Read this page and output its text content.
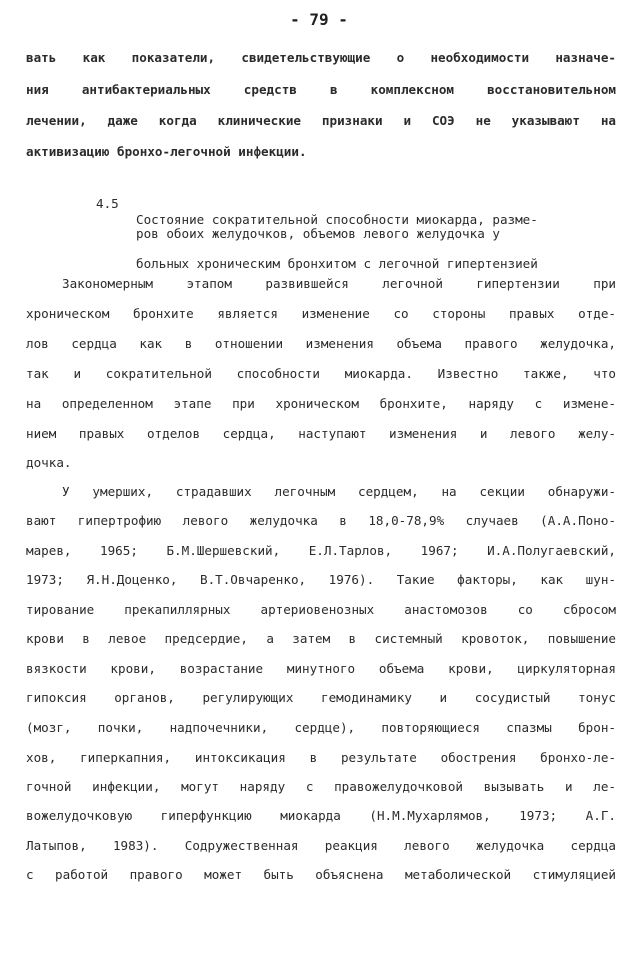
- 79 -
вать как показатели, свидетельствующие о необходимости назначе-
ния антибактериальных средств в комплексном восстановительном
лечении, даже когда клинические признаки и СОЭ не указывают на
активизацию бронхо-легочной инфекции.

4.5

Состояние сократительной способности миокарда, разме-

ров обоих желудочков, объемов левого желудочка у

больных хроническим бронхитом с легочной гипертензией

Закономерным этапом развившейся легочной гипертензии при
хроническом бронхите является изменение со стороны правых отде-
лов сердца как в отношении изменения объема правого желудочка,
так и сократительной способности миокарда. Известно также, что
на определенном этапе при хроническом бронхите, наряду с измене-
нием правых отделов сердца, наступают изменения и левого желу-
дочка.
У умерших, страдавших легочным сердцем, на секции обнаружи-
вают гипертрофию левого желудочка в 18,0-78,9% случаев (А.А.Поно-
марев, 1965; Б.М.Шершевский, Е.Л.Тарлов, 1967; И.А.Полугаевский,
1973; Я.Н.Доценко, В.Т.Овчаренко, 1976). Такие факторы, как шун-
тирование прекапиллярных артериовенозных анастомозов со сбросом
крови в левое предсердие, а затем в системный кровоток, повышение
вязкости крови, возрастание минутного объема крови, циркуляторная
гипоксия органов, регулирующих гемодинамику и сосудистый тонус
(мозг, почки, надпочечники, сердце), повторяющиеся спазмы брон-
хов, гиперкапния, интоксикация в результате обострения бронхо-ле-
гочной инфекции, могут наряду с правожелудочковой вызывать и ле-
вожелудочковую гиперфункцию миокарда (Н.М.Мухарлямов, 1973; А.Г.
Латыпов, 1983). Содружественная реакция левого желудочка сердца
с работой правого может быть объяснена метаболической стимуляцией
